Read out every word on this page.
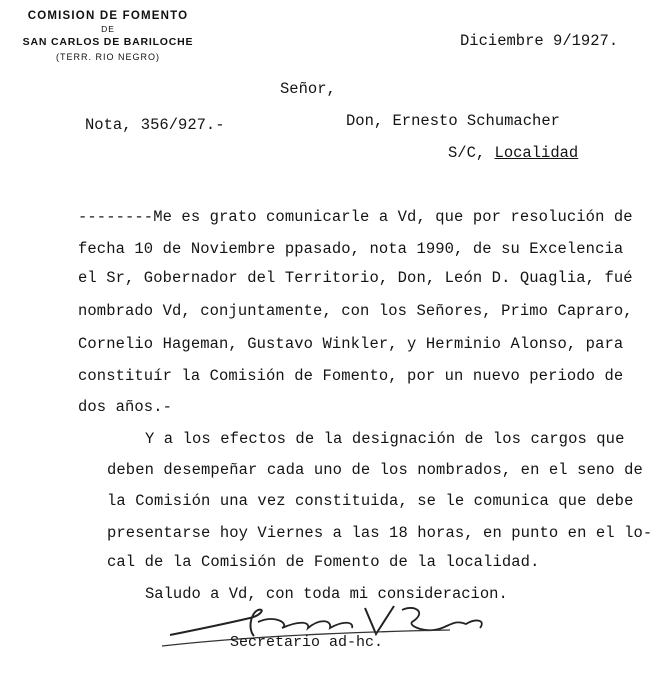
COMISION DE FOMENTO
DE
SAN CARLOS DE BARILOCHE
(TERR. RIO NEGRO)
Diciembre 9/1927.
Señor,
Nota, 356/927.-	Don, Ernesto Schumacher
S/C, Localidad
--------Me es grato comunicarle a Vd, que por resolución de
fecha 10 de Noviembre ppasado, nota 1990, de su Excelencia
el Sr, Gobernador del Territorio, Don, León D. Quaglia, fué
nombrado Vd, conjuntamente, con los Señores, Primo Capraro,
Cornelio Hageman, Gustavo Winkler, y Herminio Alonso, para
constituír la Comisión de Fomento, por un nuevo periodo de
dos años.-
Y a los efectos de la designación de los cargos que
deben desempeñar cada uno de los nombrados, en el seno de
la Comisión una vez constituida, se le comunica que debe
presentarse hoy Viernes a las 18 horas, en punto en el lo-
cal de la Comisión de Fomento de la localidad.
Saludo a Vd, con toda mi consideracion.
Secretario ad-hc.
